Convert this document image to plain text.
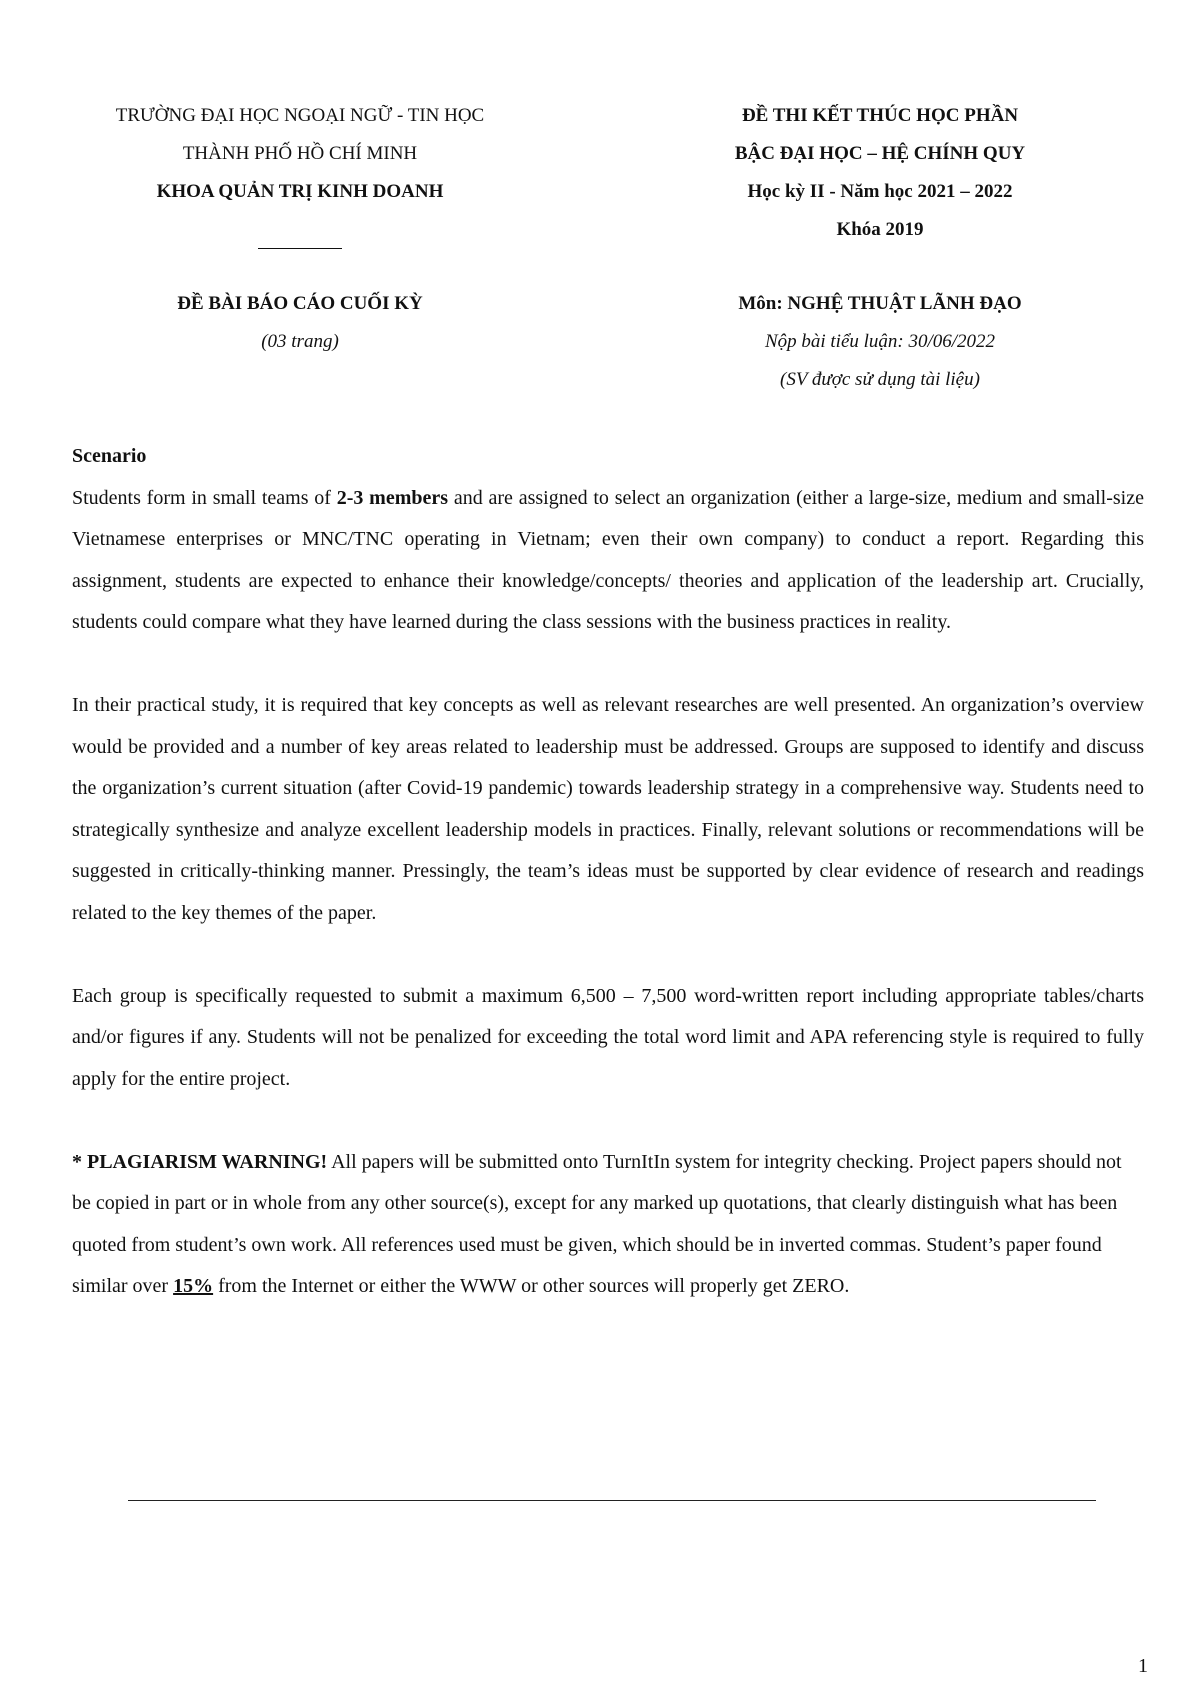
TRƯỜNG ĐẠI HỌC NGOẠI NGỮ - TIN HỌC
THÀNH PHỐ HỒ CHÍ MINH
KHOA QUẢN TRỊ KINH DOANH
ĐỀ BÀI BÁO CÁO CUỐI KỲ
(03 trang)
ĐỀ THI KẾT THÚC HỌC PHẦN
BẬC ĐẠI HỌC – HỆ CHÍNH QUY
Học kỳ II - Năm học 2021 – 2022
Khóa 2019
Môn: NGHỆ THUẬT LÃNH ĐẠO
Nộp bài tiểu luận: 30/06/2022
(SV được sử dụng tài liệu)
Scenario

Students form in small teams of 2-3 members and are assigned to select an organization (either a large-size, medium and small-size Vietnamese enterprises or MNC/TNC operating in Vietnam; even their own company) to conduct a report. Regarding this assignment, students are expected to enhance their knowledge/concepts/ theories and application of the leadership art. Crucially, students could compare what they have learned during the class sessions with the business practices in reality.

In their practical study, it is required that key concepts as well as relevant researches are well presented. An organization’s overview would be provided and a number of key areas related to leadership must be addressed. Groups are supposed to identify and discuss the organization’s current situation (after Covid-19 pandemic) towards leadership strategy in a comprehensive way. Students need to strategically synthesize and analyze excellent leadership models in practices. Finally, relevant solutions or recommendations will be suggested in critically-thinking manner. Pressingly, the team’s ideas must be supported by clear evidence of research and readings related to the key themes of the paper.

Each group is specifically requested to submit a maximum 6,500 – 7,500 word-written report including appropriate tables/charts and/or figures if any. Students will not be penalized for exceeding the total word limit and APA referencing style is required to fully apply for the entire project.

* PLAGIARISM WARNING! All papers will be submitted onto TurnItIn system for integrity checking. Project papers should not be copied in part or in whole from any other source(s), except for any marked up quotations, that clearly distinguish what has been quoted from student’s own work. All references used must be given, which should be in inverted commas. Student’s paper found similar over 15% from the Internet or either the WWW or other sources will properly get ZERO.

1
